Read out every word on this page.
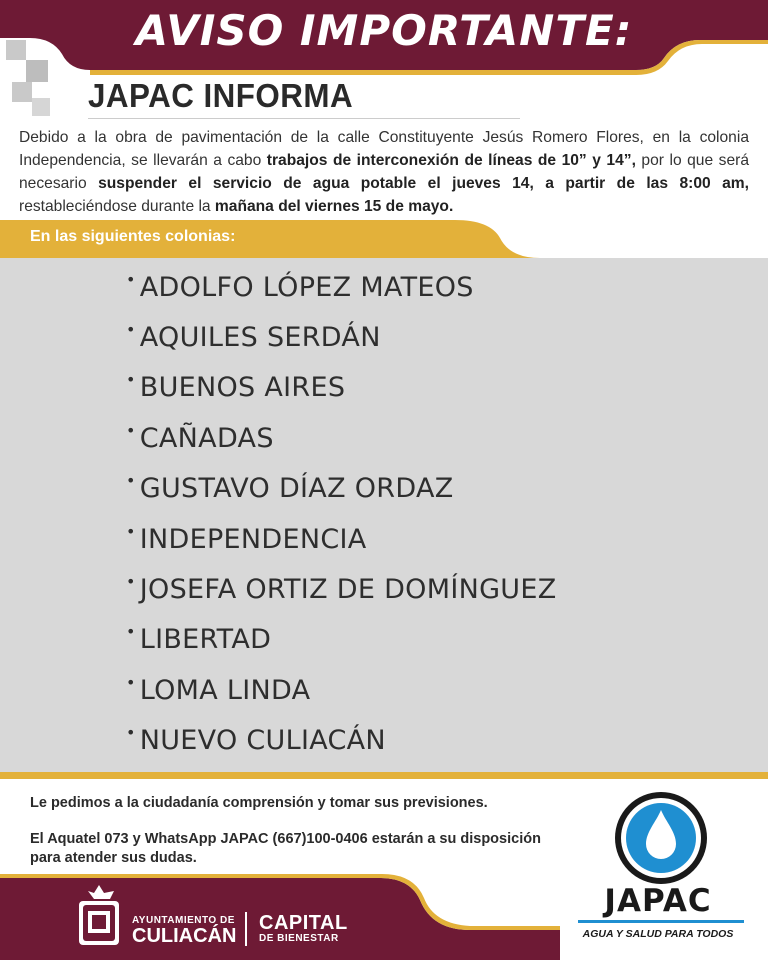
AVISO IMPORTANTE:
JAPAC INFORMA

Debido a la obra de pavimentación de la calle Constituyente Jesús Romero Flores, en la colonia Independencia, se llevarán a cabo trabajos de interconexión de líneas de 10” y 14”, por lo que será necesario suspender el servicio de agua potable el jueves 14, a partir de las 8:00 am, restableciéndose durante la mañana del viernes 15 de mayo.

En las siguientes colonias:
• ADOLFO LÓPEZ MATEOS
• AQUILES SERDÁN
• BUENOS AIRES
• CAÑADAS
• GUSTAVO DÍAZ ORDAZ
• INDEPENDENCIA
• JOSEFA ORTIZ DE DOMÍNGUEZ
• LIBERTAD
• LOMA LINDA
• NUEVO CULIACÁN

Le pedimos a la ciudadanía comprensión y tomar sus previsiones.

El Aquatel 073 y WhatsApp JAPAC (667)100-0406 estarán a su disposición para atender sus dudas.

AYUNTAMIENTO DE
CULIACÁN
CAPITAL
DE BIENESTAR
JAPAC
AGUA Y SALUD PARA TODOS
